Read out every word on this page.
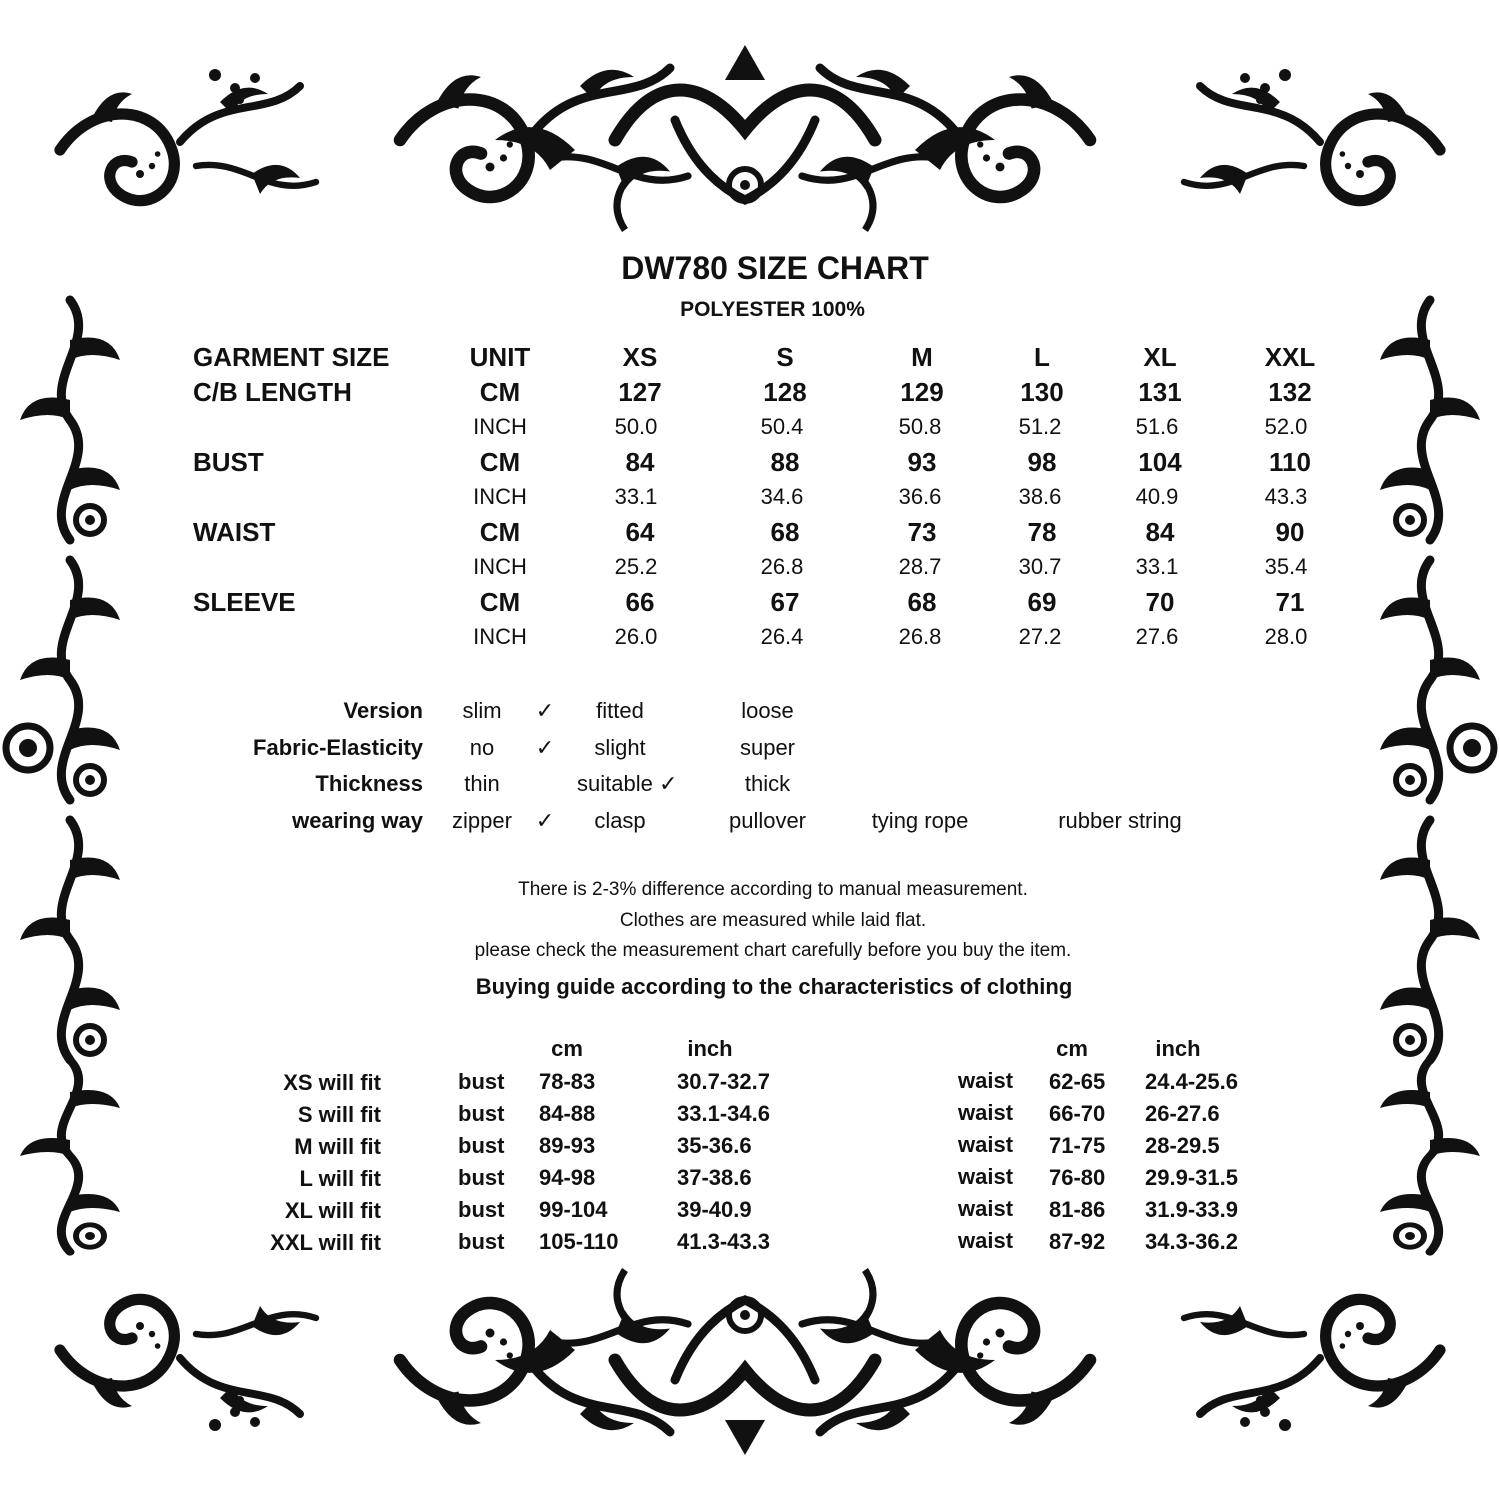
DW780 SIZE CHART
POLYESTER 100%
GARMENT SIZE	UNIT	XS	S	M	L	XL	XXL
C/B LENGTH	CM	127	128	129	130	131	132
INCH	50.0	50.4	50.8	51.2	51.6	52.0
BUST	CM	84	88	93	98	104	110
INCH	33.1	34.6	36.6	38.6	40.9	43.3
WAIST	CM	64	68	73	78	84	90
INCH	25.2	26.8	28.7	30.7	33.1	35.4
SLEEVE	CM	66	67	68	69	70	71
INCH	26.0	26.4	26.8	27.2	27.6	28.0
Version	slim	✓	fitted	loose
Fabric-Elasticity	no	✓	slight	super
Thickness	thin	suitable ✓	thick
wearing way	zipper	✓	clasp	pullover	tying rope	rubber string
There is 2-3% difference according to manual measurement.
Clothes are measured while laid flat.
please check the measurement chart carefully before you buy the item.
Buying guide according to the characteristics of clothing
cm	inch	cm	inch
XS will fit	bust 78-83	30.7-32.7	waist 62-65 24.4-25.6
S will fit	bust 84-88	33.1-34.6	waist 66-70 26-27.6
M will fit	bust 89-93	35-36.6	waist 71-75 28-29.5
L will fit	bust 94-98	37-38.6	waist 76-80 29.9-31.5
XL will fit	bust 99-104	39-40.9	waist 81-86 31.9-33.9
XXL will fit	bust 105-110	41.3-43.3	waist 87-92 34.3-36.2
